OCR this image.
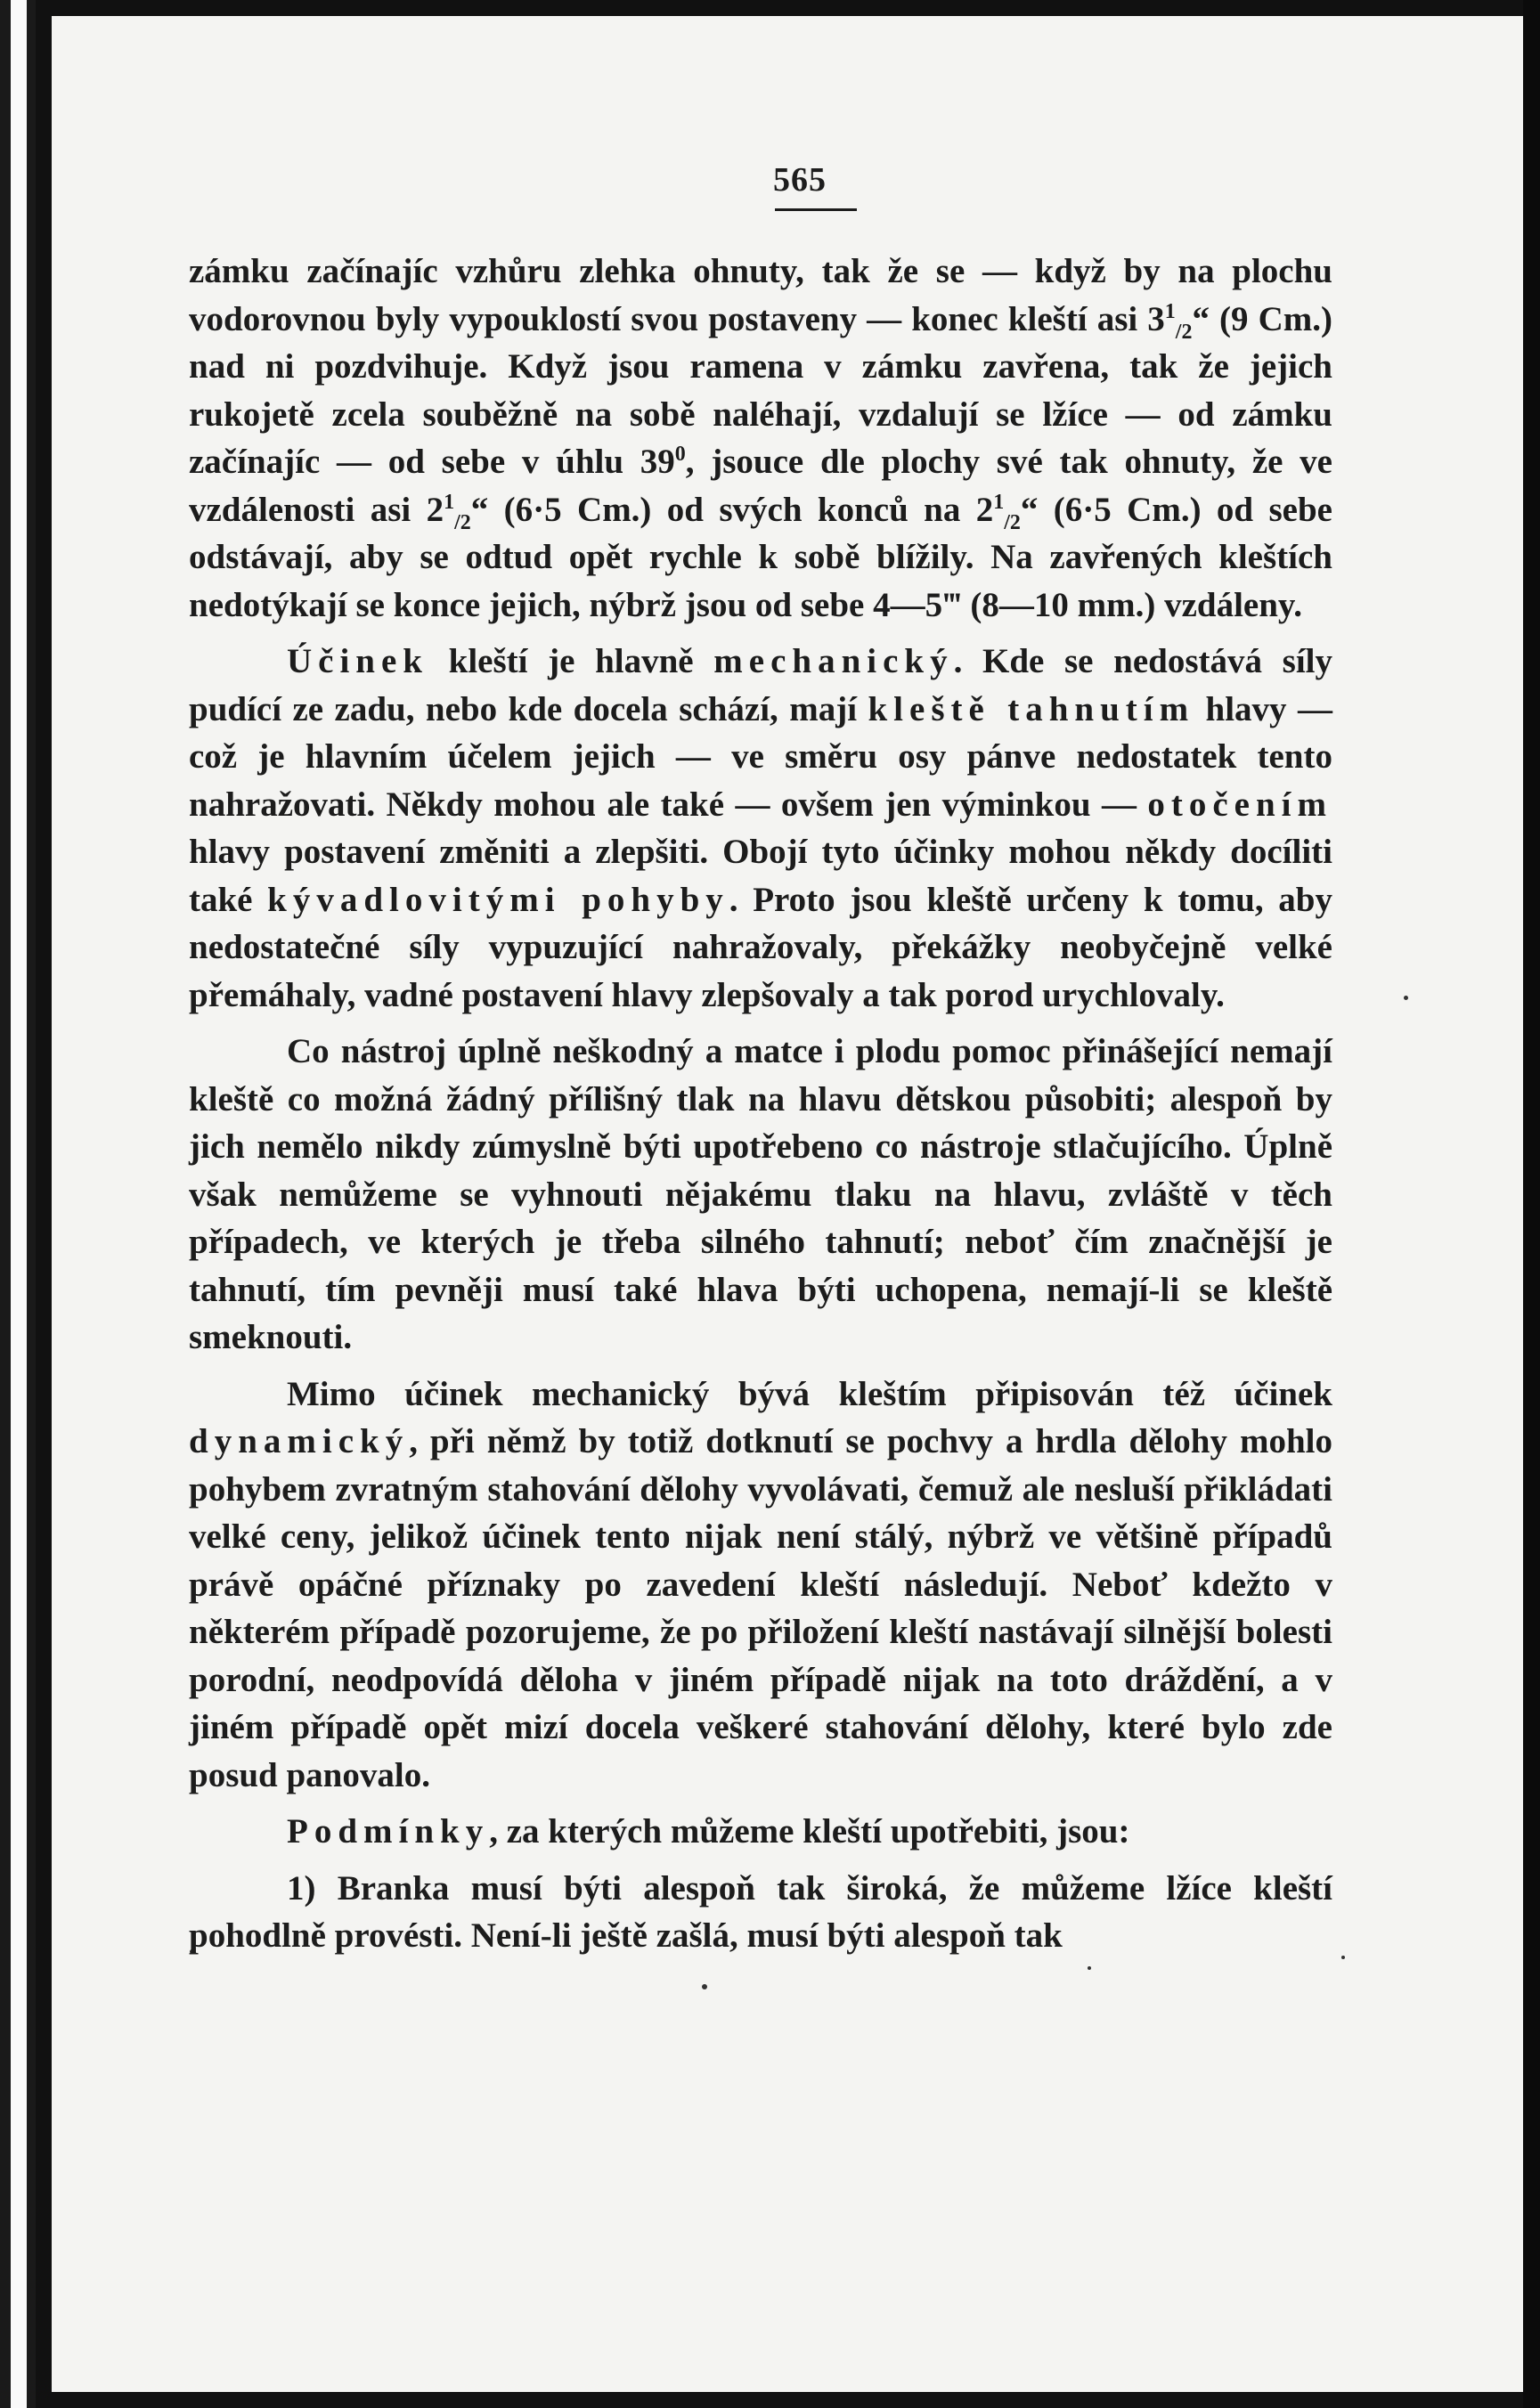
565

zámku začínajíc vzhůru zlehka ohnuty, tak že se — když by na plochu vodorovnou byly vypouklostí svou postaveny — konec kleští asi $3^1_{/2}“$ (9 Cm.) nad ni pozdvihuje. Když jsou ramena v zámku zavřena, tak že jejich rukojetě zcela souběžně na sobě naléhají, vzdalují se lžíce — od zámku začínajíc — od sebe v úhlu $39^0$, jsouce dle plochy své tak ohnuty, že ve vzdálenosti asi $2^1_{/2}“$ (6·5 Cm.) od svých konců na $2^1_{/2}“$ (6·5 Cm.) od sebe odstávají, aby se odtud opět rychle k sobě blížily. Na zavřených kleštích nedotýkají se konce jejich, nýbrž jsou od sebe 4—5‴ (8—10 mm.) vzdáleny.

Účinek kleští je hlavně mechanický. Kde se nedostává síly pudící ze zadu, nebo kde docela schází, mají kleště tahnutím hlavy — což je hlavním účelem jejich — ve směru osy pánve nedostatek tento nahražovati. Někdy mohou ale také — ovšem jen výminkou — otočením hlavy postavení změniti a zlepšiti. Obojí tyto účinky mohou někdy docíliti také kývadlovitými pohyby. Proto jsou kleště určeny k tomu, aby nedostatečné síly vypuzující nahražovaly, překážky neobyčejně velké přemáhaly, vadné postavení hlavy zlepšovaly a tak porod urychlovaly.

Co nástroj úplně neškodný a matce i plodu pomoc přinášející nemají kleště co možná žádný přílišný tlak na hlavu dětskou působiti; alespoň by jich nemělo nikdy zúmyslně býti upotřebeno co nástroje stlačujícího. Úplně však nemůžeme se vyhnouti nějakému tlaku na hlavu, zvláště v těch případech, ve kterých je třeba silného tahnutí; neboť čím značnější je tahnutí, tím pevněji musí také hlava býti uchopena, nemají-li se kleště smeknouti.

Mimo účinek mechanický bývá kleštím připisován též účinek dynamický, při němž by totiž dotknutí se pochvy a hrdla dělohy mohlo pohybem zvratným stahování dělohy vyvolávati, čemuž ale nesluší přikládati velké ceny, jelikož účinek tento nijak není stálý, nýbrž ve většině případů právě opáčné příznaky po zavedení kleští následují. Neboť kdežto v některém případě pozorujeme, že po přiložení kleští nastávají silnější bolesti porodní, neodpovídá děloha v jiném případě nijak na toto dráždění, a v jiném případě opět mizí docela veškeré stahování dělohy, které bylo zde posud panovalo.

Podmínky, za kterých můžeme kleští upotřebiti, jsou:

1) Branka musí býti alespoň tak široká, že můžeme lžíce kleští pohodlně provésti. Není-li ještě zašlá, musí býti alespoň tak
